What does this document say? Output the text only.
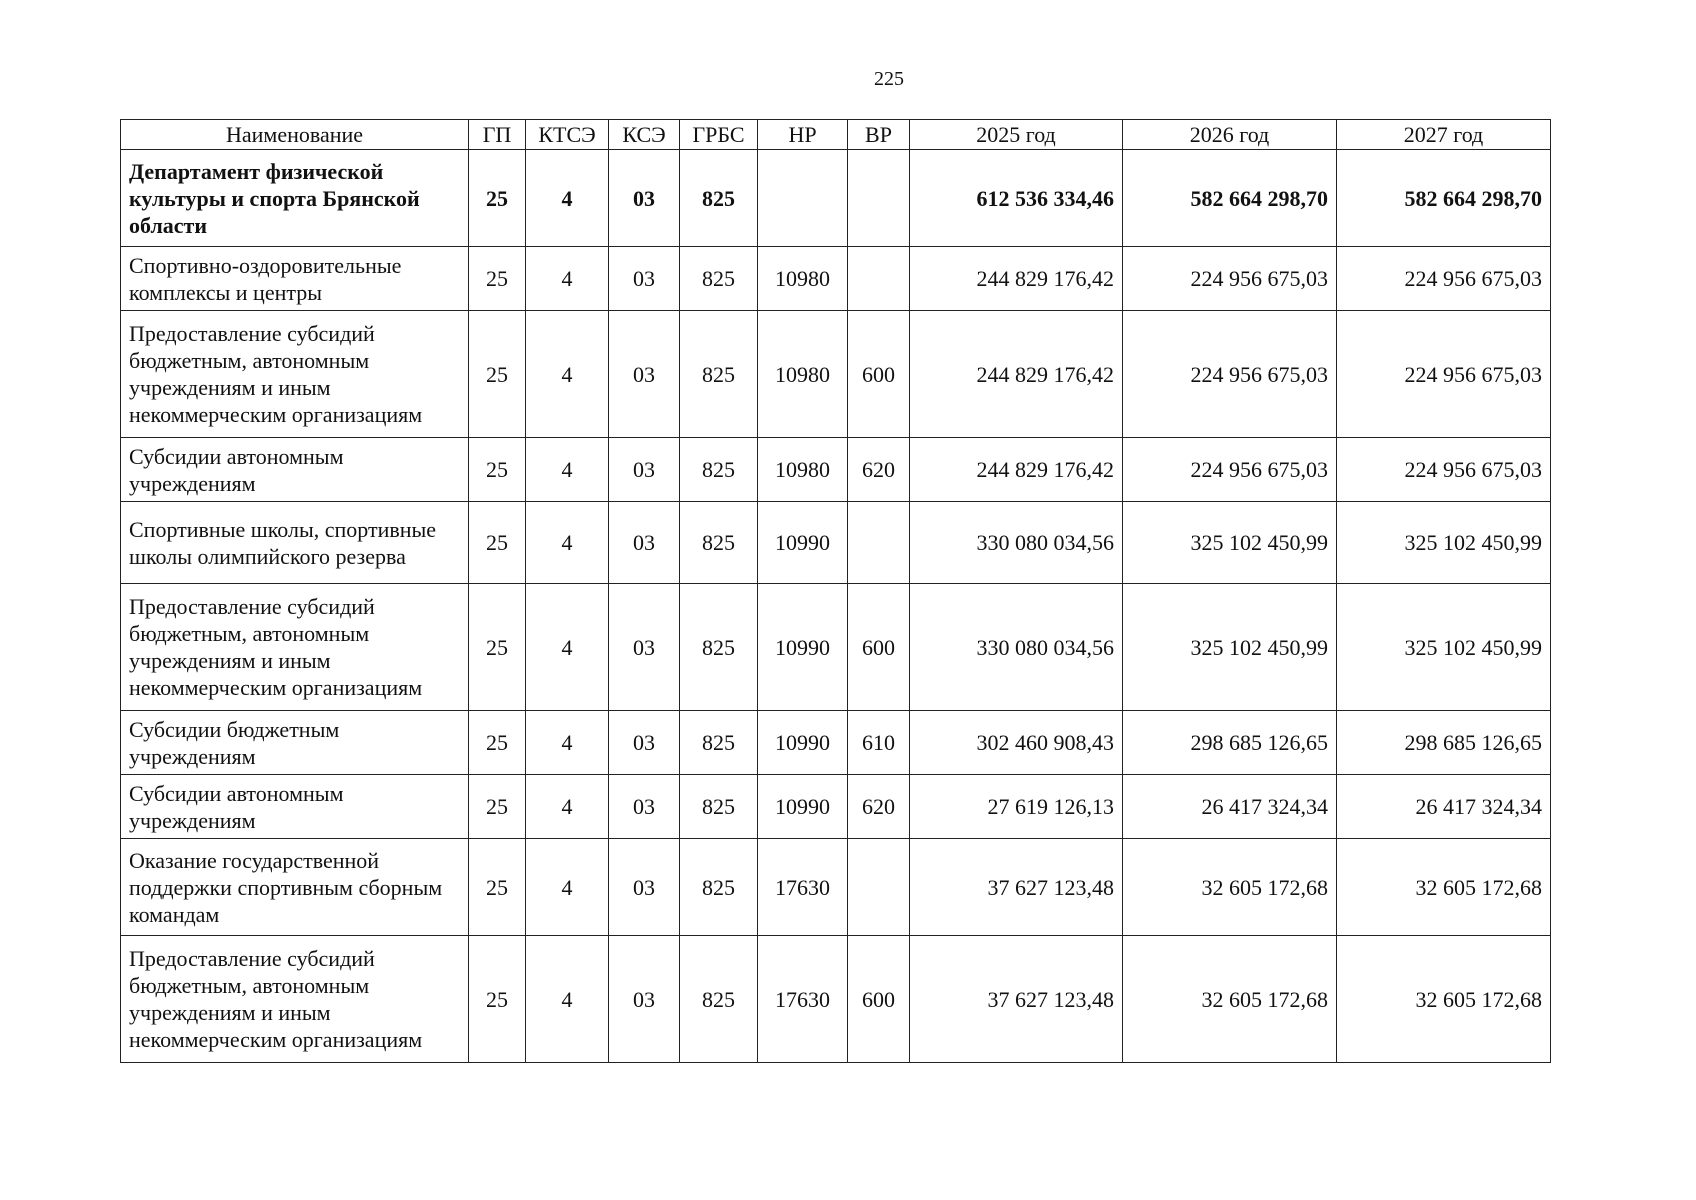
225
Наименование	ГП	КТСЭ	КСЭ	ГРБС	НР	ВР	2025 год	2026 год	2027 год
Департамент физической культуры и спорта Брянской области	25	4	03	825			612 536 334,46	582 664 298,70	582 664 298,70
Спортивно-оздоровительные комплексы и центры	25	4	03	825	10980		244 829 176,42	224 956 675,03	224 956 675,03
Предоставление субсидий бюджетным, автономным учреждениям и иным некоммерческим организациям	25	4	03	825	10980	600	244 829 176,42	224 956 675,03	224 956 675,03
Субсидии автономным учреждениям	25	4	03	825	10980	620	244 829 176,42	224 956 675,03	224 956 675,03
Спортивные школы, спортивные школы олимпийского резерва	25	4	03	825	10990		330 080 034,56	325 102 450,99	325 102 450,99
Предоставление субсидий бюджетным, автономным учреждениям и иным некоммерческим организациям	25	4	03	825	10990	600	330 080 034,56	325 102 450,99	325 102 450,99
Субсидии бюджетным учреждениям	25	4	03	825	10990	610	302 460 908,43	298 685 126,65	298 685 126,65
Субсидии автономным учреждениям	25	4	03	825	10990	620	27 619 126,13	26 417 324,34	26 417 324,34
Оказание государственной поддержки спортивным сборным командам	25	4	03	825	17630		37 627 123,48	32 605 172,68	32 605 172,68
Предоставление субсидий бюджетным, автономным учреждениям и иным некоммерческим организациям	25	4	03	825	17630	600	37 627 123,48	32 605 172,68	32 605 172,68
